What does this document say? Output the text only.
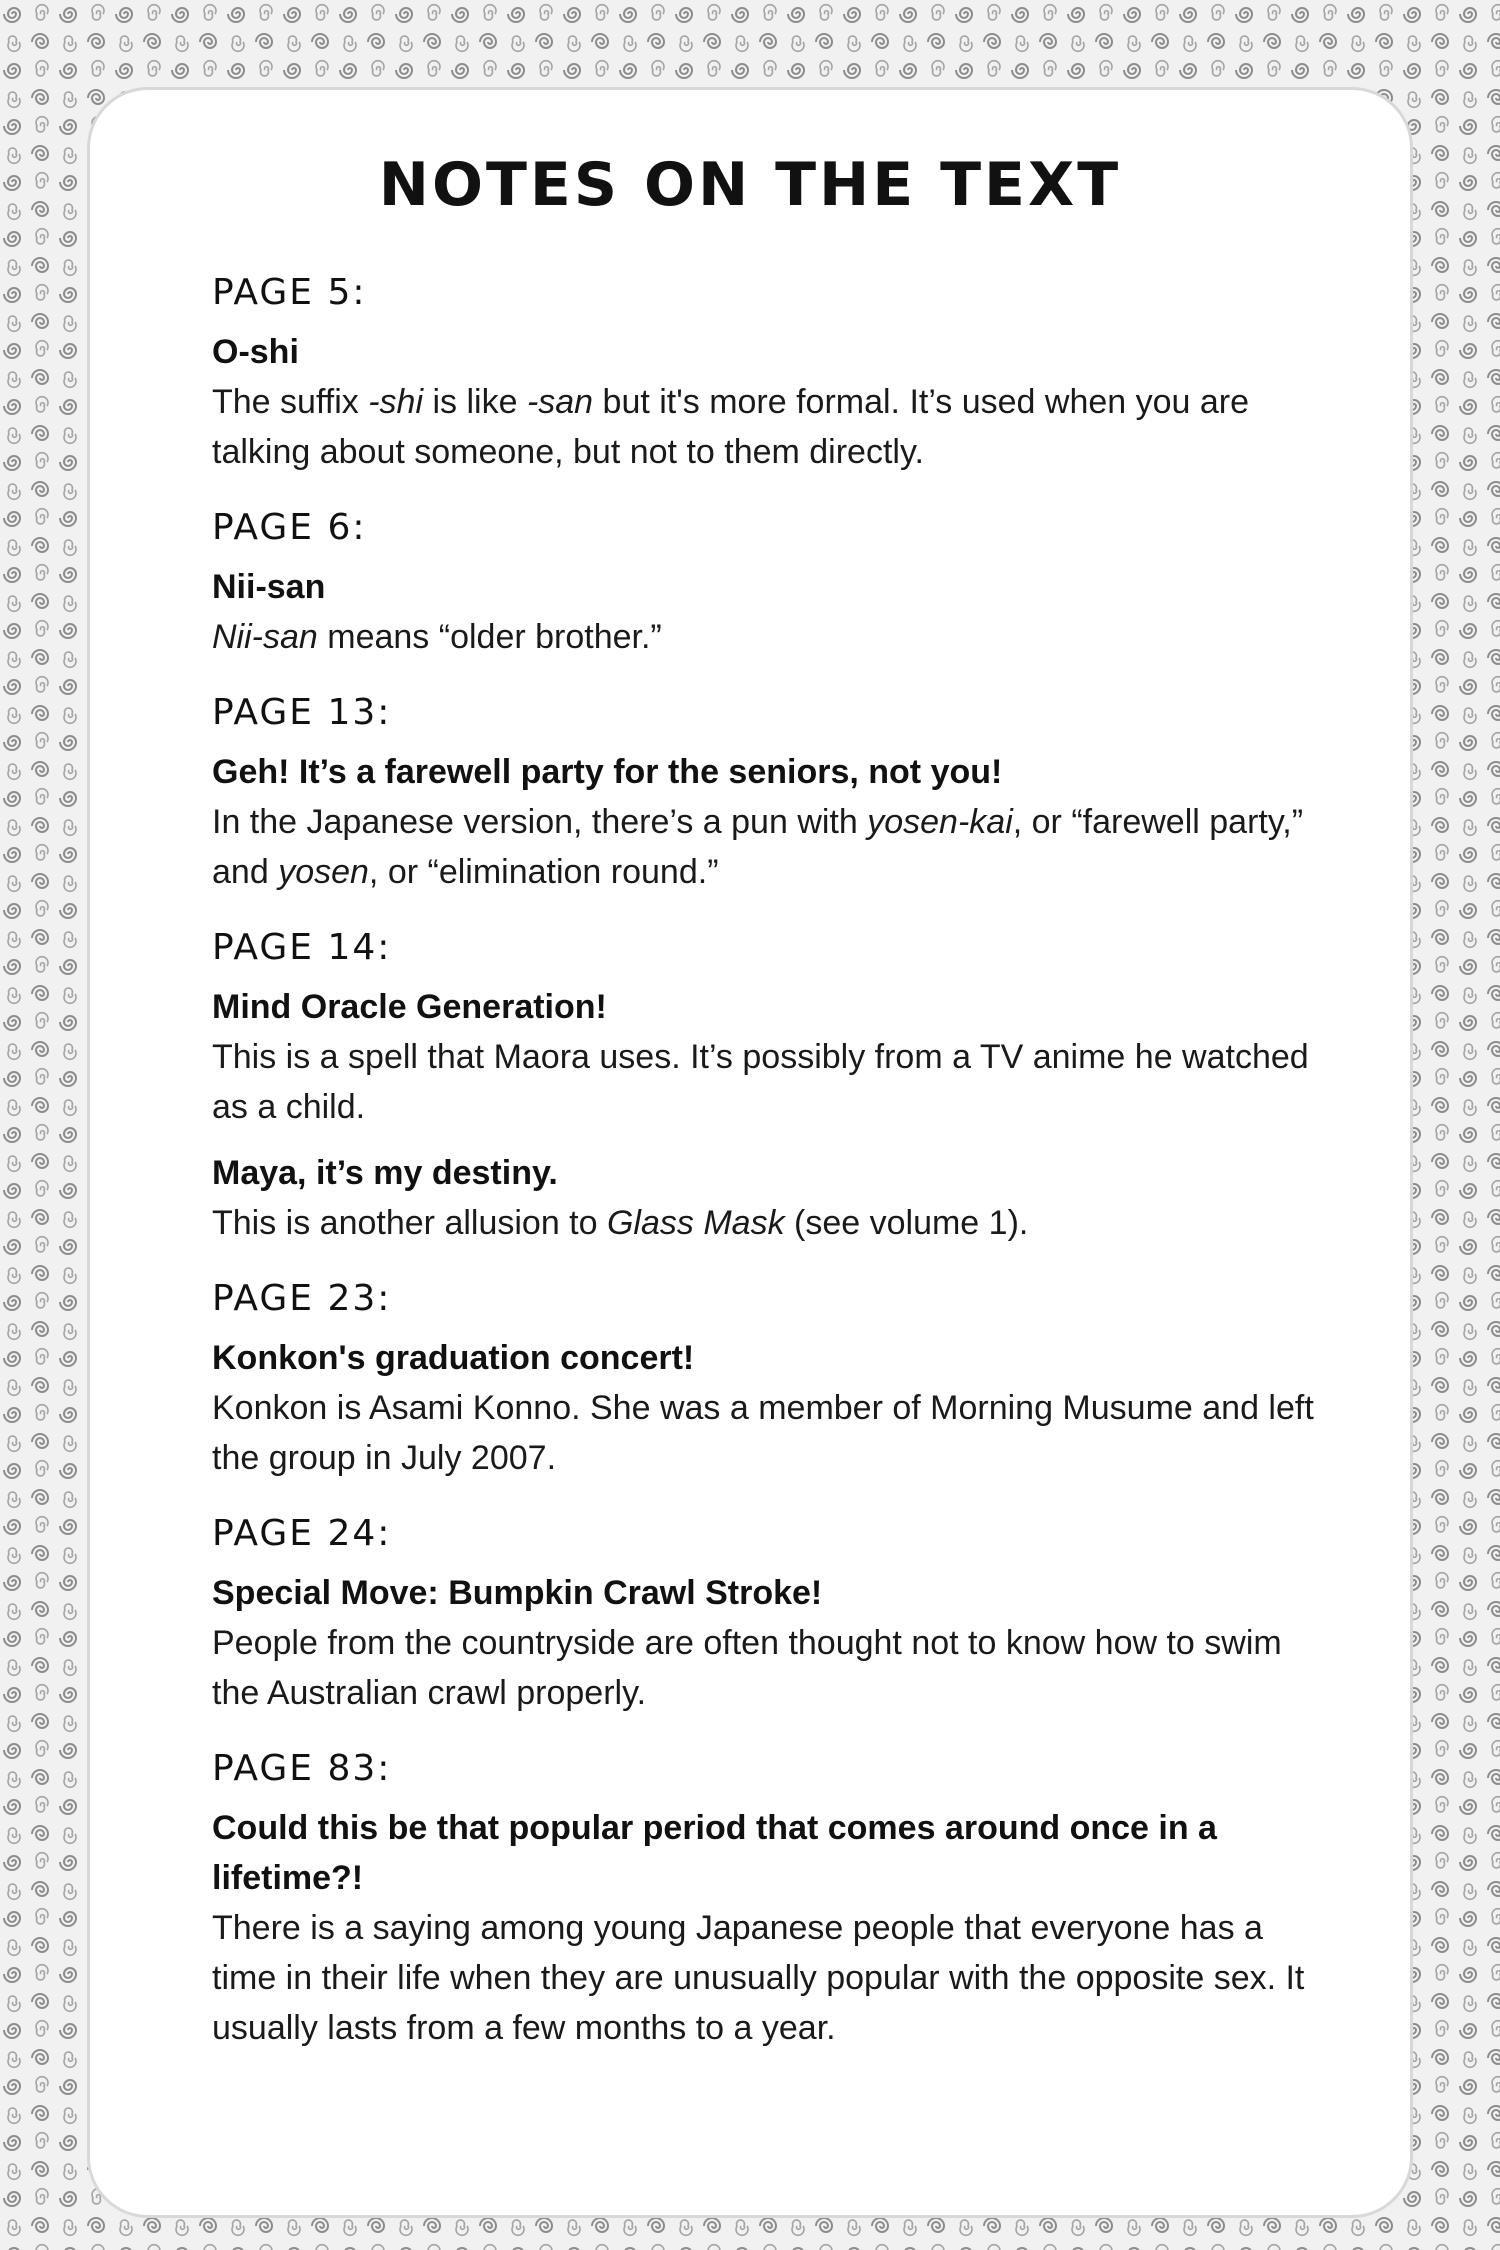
NOTES ON THE TEXT
PAGE 5:
O-shi
The suffix -shi is like -san but it's more formal. It’s used when you are talking about someone, but not to them directly.
PAGE 6:
Nii-san
Nii-san means “older brother.”
PAGE 13:
Geh! It’s a farewell party for the seniors, not you!
In the Japanese version, there’s a pun with yosen-kai, or “farewell party,” and yosen, or “elimination round.”
PAGE 14:
Mind Oracle Generation!
This is a spell that Maora uses. It’s possibly from a TV anime he watched as a child.
Maya, it’s my destiny.
This is another allusion to Glass Mask (see volume 1).
PAGE 23:
Konkon's graduation concert!
Konkon is Asami Konno. She was a member of Morning Musume and left the group in July 2007.
PAGE 24:
Special Move: Bumpkin Crawl Stroke!
People from the countryside are often thought not to know how to swim the Australian crawl properly.
PAGE 83:
Could this be that popular period that comes around once in a lifetime?!
There is a saying among young Japanese people that everyone has a time in their life when they are unusually popular with the opposite sex. It usually lasts from a few months to a year.
